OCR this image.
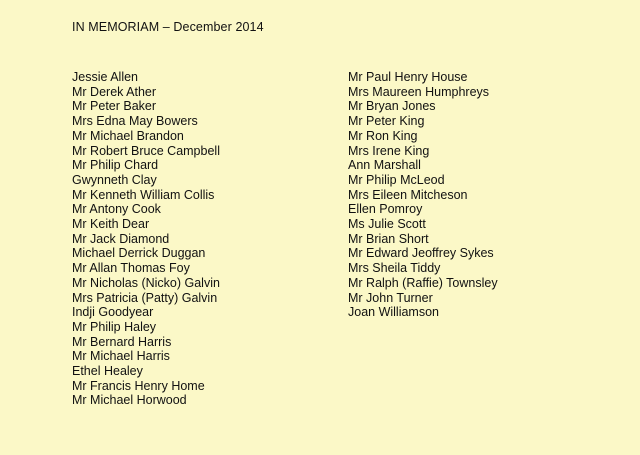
IN MEMORIAM – December 2014
Jessie Allen
Mr Derek Ather
Mr Peter Baker
Mrs Edna May Bowers
Mr Michael Brandon
Mr Robert Bruce Campbell
Mr Philip Chard
Gwynneth Clay
Mr Kenneth William Collis
Mr Antony Cook
Mr Keith Dear
Mr Jack Diamond
Michael Derrick Duggan
Mr Allan Thomas Foy
Mr Nicholas (Nicko) Galvin
Mrs Patricia (Patty) Galvin
Indji Goodyear
Mr Philip Haley
Mr Bernard Harris
Mr Michael Harris
Ethel Healey
Mr Francis Henry Home
Mr Michael Horwood
Mr Paul Henry House
Mrs Maureen Humphreys
Mr Bryan Jones
Mr Peter King
Mr Ron King
Mrs Irene King
Ann Marshall
Mr Philip McLeod
Mrs Eileen Mitcheson
Ellen Pomroy
Ms Julie Scott
Mr Brian Short
Mr Edward Jeoffrey Sykes
Mrs Sheila Tiddy
Mr Ralph (Raffie) Townsley
Mr John Turner
Joan Williamson
